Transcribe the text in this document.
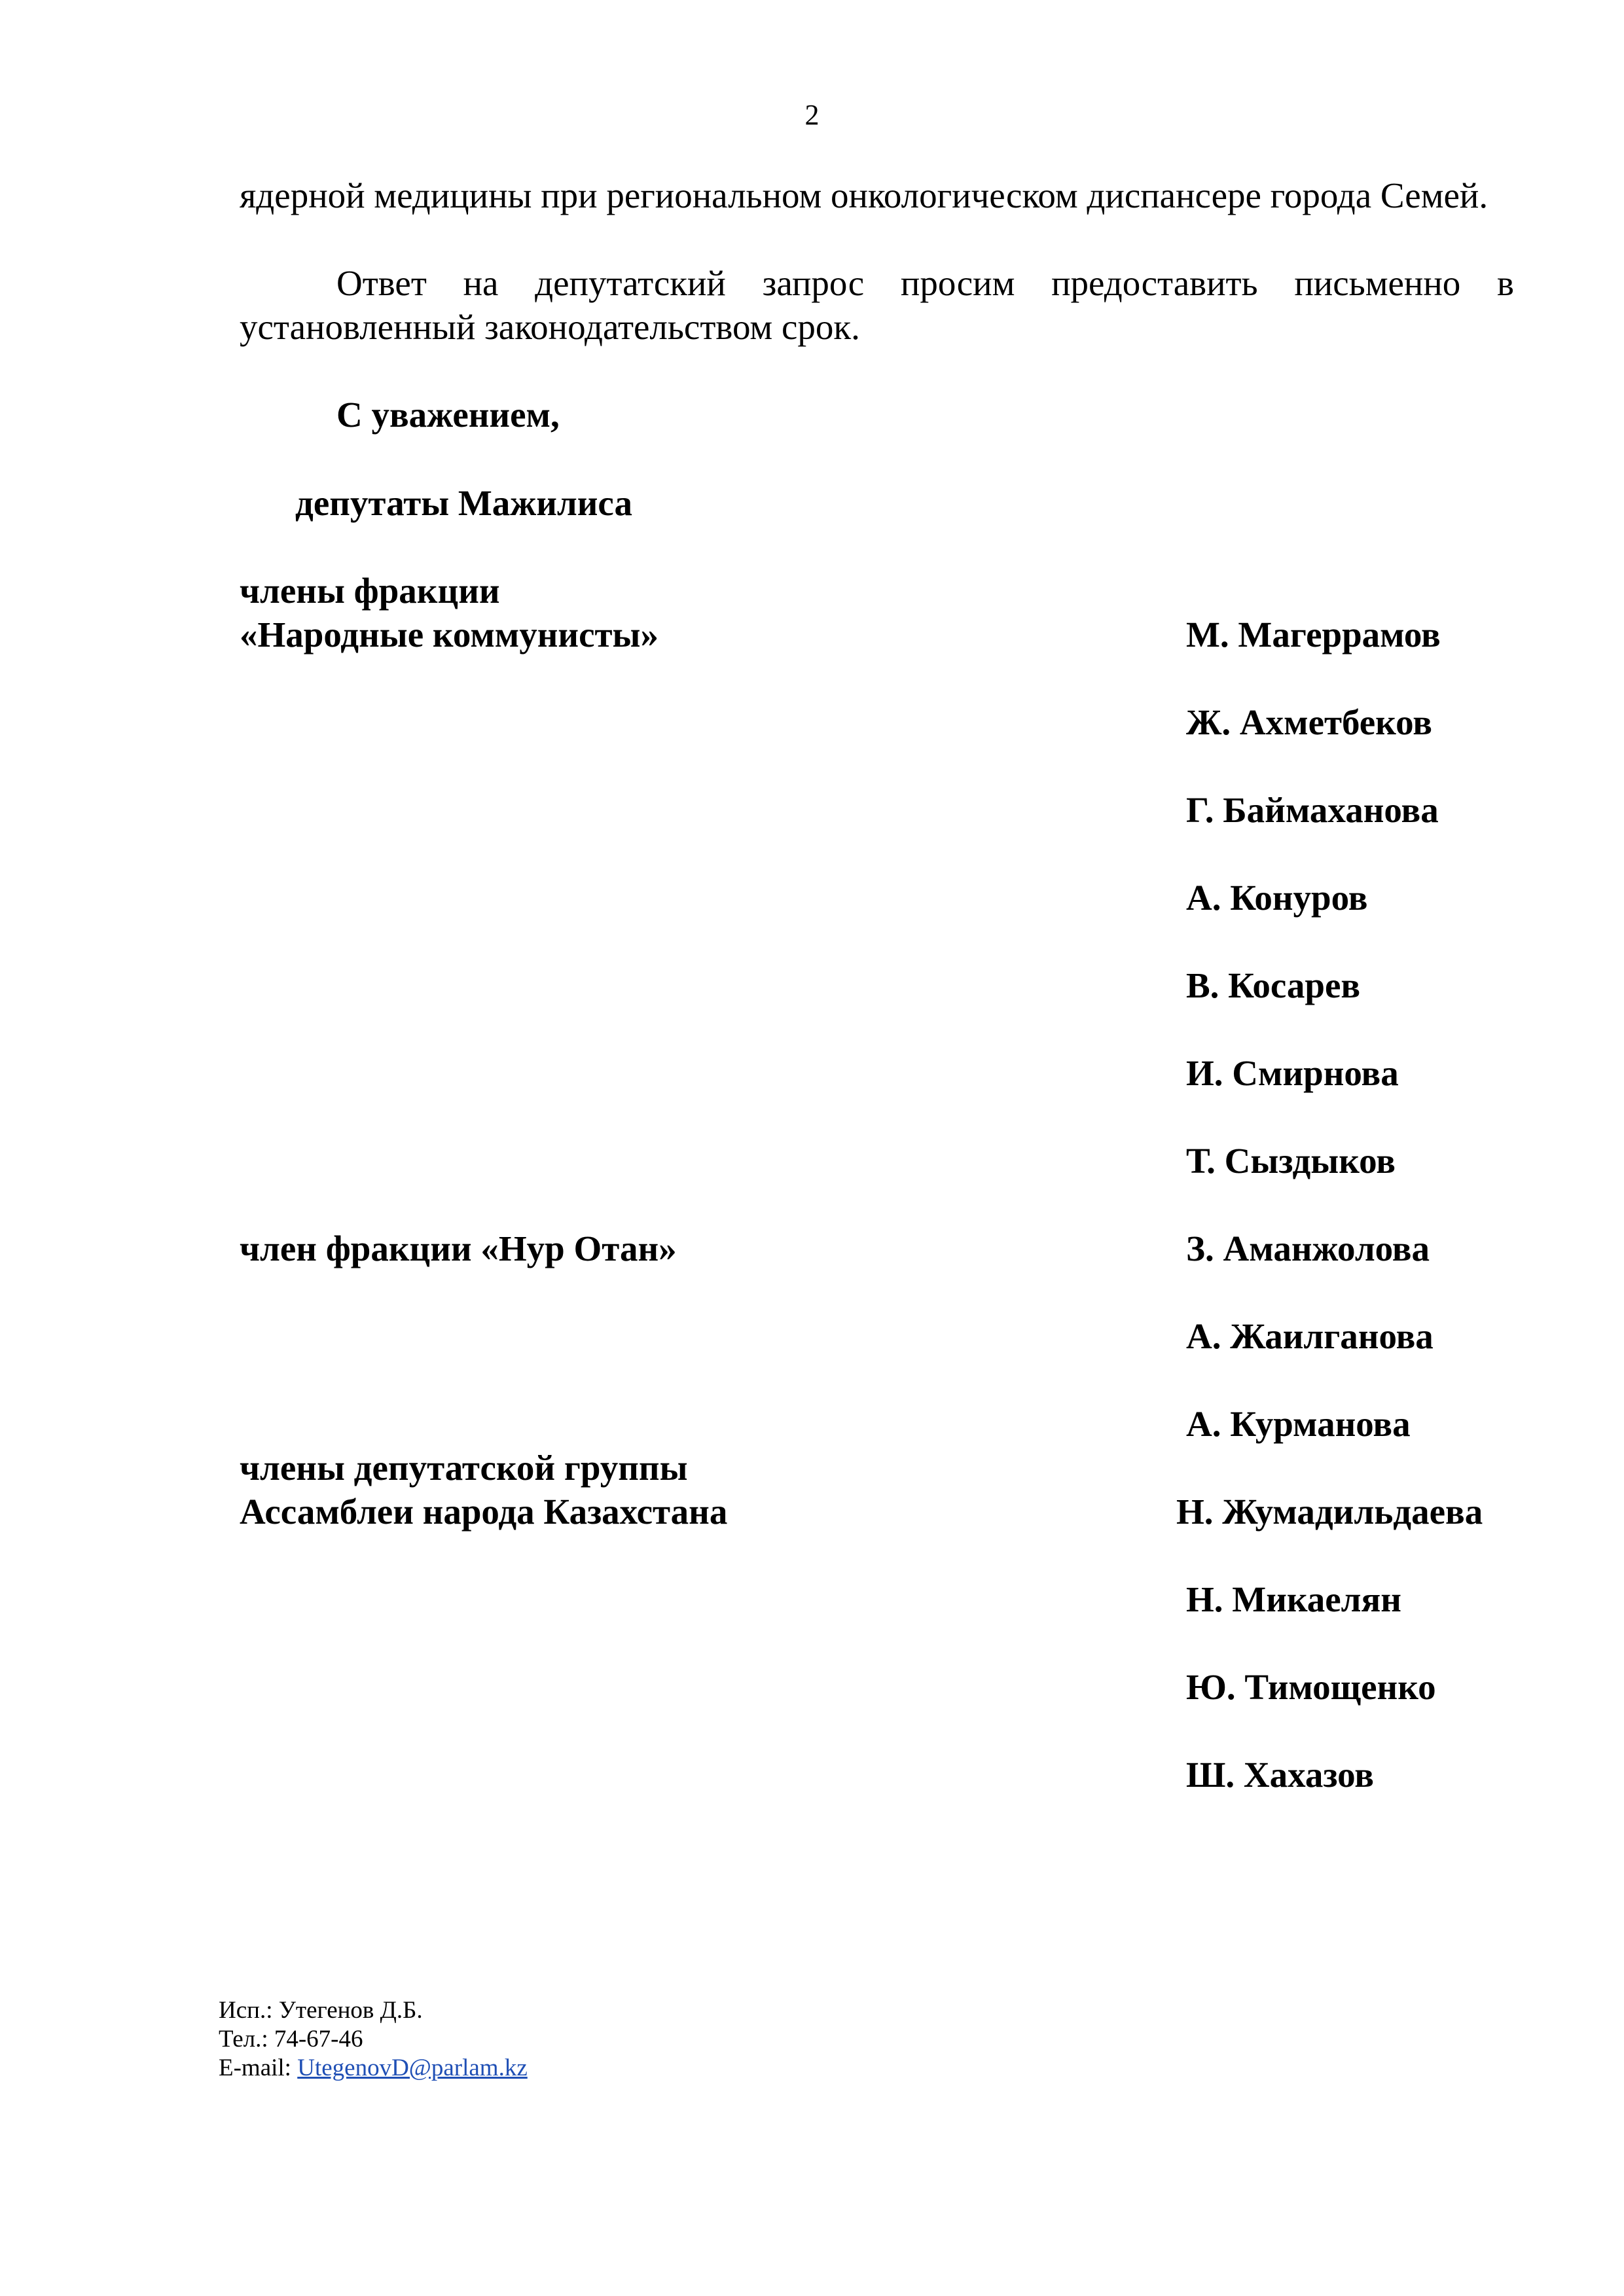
2
ядерной медицины при региональном онкологическом диспансере города Семей.
Ответ на депутатский запрос просим предоставить письменно в установленный законодательством срок.
С уважением,
депутаты Мажилиса
члены фракции
«Народные коммунисты»	М. Магеррамов
Ж. Ахметбеков
Г. Баймаханова
А. Конуров
В. Косарев
И. Смирнова
Т. Сыздыков
член фракции «Нур Отан»	З. Аманжолова
А. Жаилганова
А. Курманова
члены депутатской группы
Ассамблеи народа Казахстана	Н. Жумадильдаева
Н. Микаелян
Ю. Тимощенко
Ш. Хахазов
Исп.: Утегенов Д.Б.
Тел.: 74-67-46
E-mail: UtegenovD@parlam.kz
